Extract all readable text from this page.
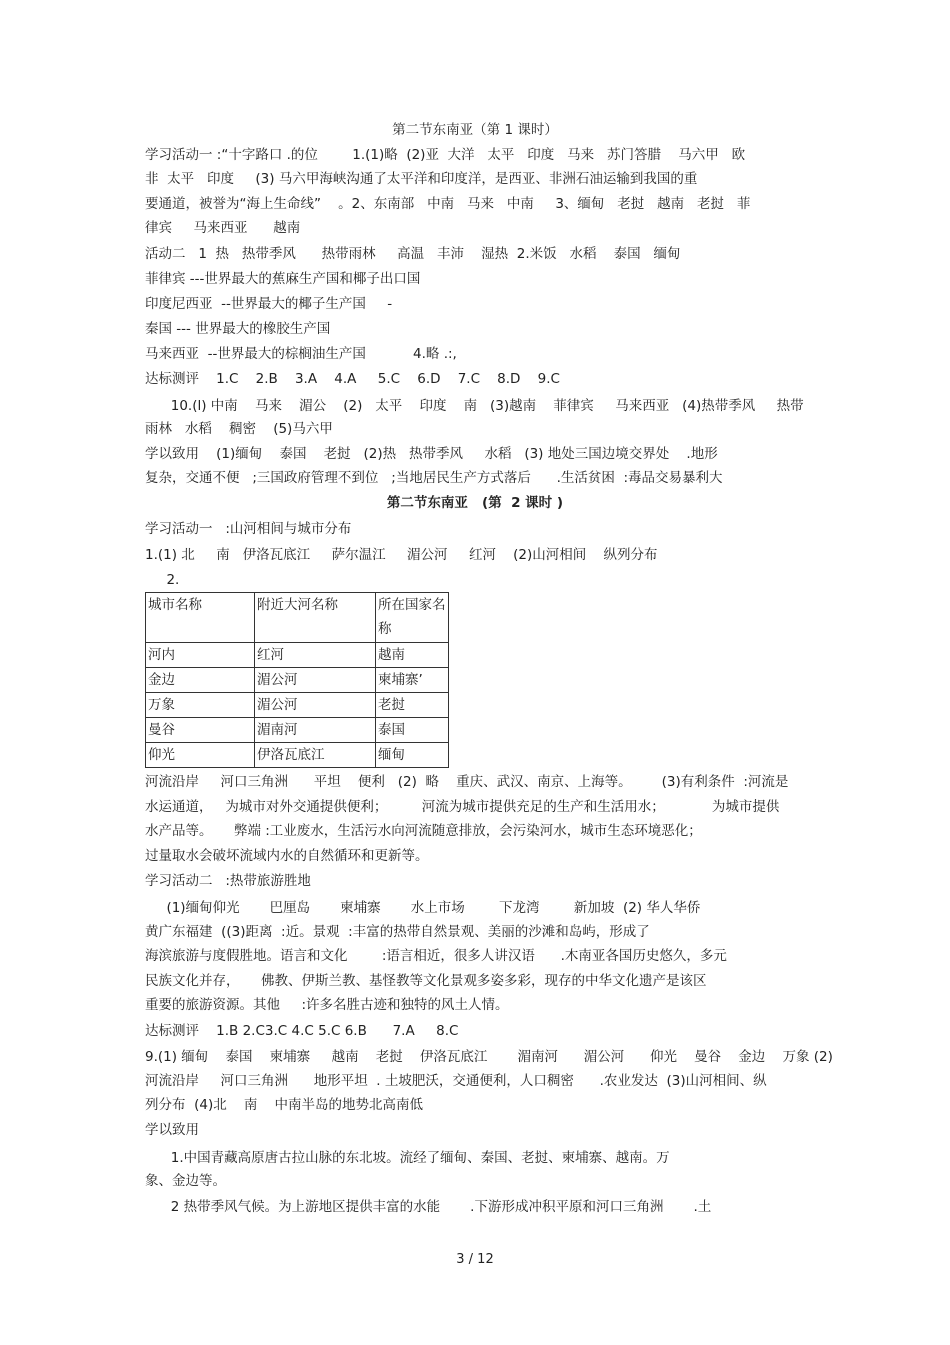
第二节东南亚（第 1 课时）
学习活动一 :“十字路口 .的位        1.(1)略  (2)亚  大洋   太平   印度   马来   苏门答腊    马六甲   欧
非  太平   印度     (3) 马六甲海峡沟通了太平洋和印度洋，是西亚、非洲石油运输到我国的重
要通道，被誉为“海上生命线”    。2、东南部   中南   马来   中南     3、缅甸   老挝   越南   老挝   菲
律宾     马来西亚      越南
活动二   1  热   热带季风      热带雨林     高温   丰沛    湿热  2.米饭   水稻    泰国   缅甸
菲律宾 ---世界最大的蕉麻生产国和椰子出口国
印度尼西亚  --世界最大的椰子生产国     -
秦国 --- 世界最大的橡胶生产国
马来西亚  --世界最大的棕榈油生产国           4.略 .:,
达标测评    1.C    2.B    3.A    4.A     5.C    6.D    7.C    8.D    9.C
10.(l) 中南    马来    湄公    (2)   太平    印度    南   (3)越南    菲律宾     马来西亚   (4)热带季风     热带
雨林   水稻    稠密    (5)马六甲
学以致用    (1)缅甸    泰国    老挝   (2)热   热带季风     水稻   (3) 地处三国边境交界处    .地形
复杂，交通不便   ;三国政府管理不到位   ;当地居民生产方式落后      .生活贫困  :毒品交易暴利大
第二节东南亚   (第  2 课时 )
学习活动一   :山河相间与城市分布
1.(1) 北     南   伊洛瓦底江     萨尔温江     湄公河     红河    (2)山河相间    纵列分布
2.
城市名称	附近大河名称	所在国家名称
河内	红河	越南
金边	湄公河	柬埔寨’
万象	湄公河	老挝
曼谷	湄南河	泰国
仰光	伊洛瓦底江	缅甸
河流沿岸     河口三角洲      平坦    便利   (2)  略    重庆、武汉、南京、上海等。       (3)有利条件  :河流是
水运通道，   为城市对外交通提供便利；        河流为城市提供充足的生产和生活用水；           为城市提供
水产品等。     弊端 :工业废水，生活污水向河流随意排放，会污染河水，城市生态环境恶化；
过量取水会破坏流域内水的自然循环和更新等。
学习活动二   :热带旅游胜地
(1)缅甸仰光       巴厘岛       柬埔寨       水上市场        下龙湾        新加坡  (2) 华人华侨
黄广东福建  ((3)距离  :近。景观  :丰富的热带自然景观、美丽的沙滩和岛屿，形成了
海滨旅游与度假胜地。语言和文化        :语言相近，很多人讲汉语      .木南亚各国历史悠久，多元
民族文化并存，     佛教、伊斯兰教、基怪教等文化景观多姿多彩，现存的中华文化遗产是该区
重要的旅游资源。其他     :许多名胜古迹和独特的风土人情。
达标测评    1.B 2.C3.C 4.C 5.C 6.B      7.A     8.C
9.(1) 缅甸    泰国    柬埔寨     越南    老挝    伊洛瓦底江       湄南河      湄公河      仰光    曼谷    金边    万象 (2)
河流沿岸     河口三角洲      地形平坦  . 土坡肥沃，交通便利，人口稠密      .农业发达  (3)山河相间、纵
列分布  (4)北    南    中南半岛的地势北高南低
学以致用
1.中国青藏高原唐古拉山脉的东北坡。流经了缅甸、秦国、老挝、柬埔寨、越南。万
象、金边等。
2 热带季风气候。为上游地区提供丰富的水能       .下游形成冲积平原和河口三角洲       .土
3 / 12
